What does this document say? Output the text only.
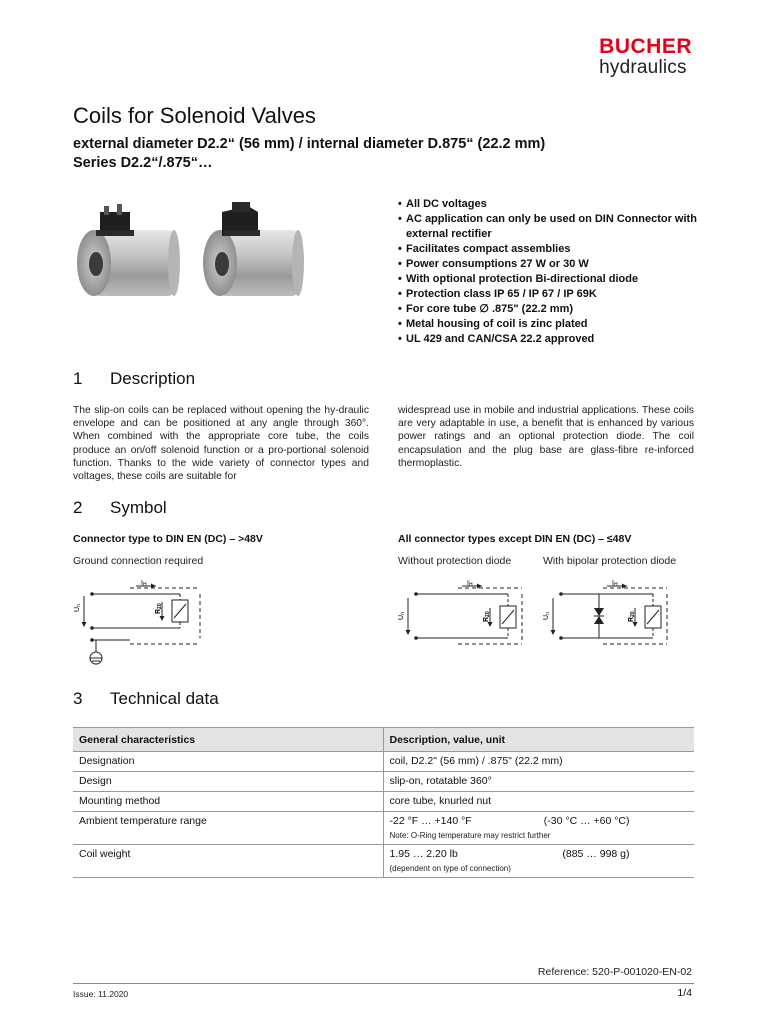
BUCHER
hydraulics
Coils for Solenoid Valves
external diameter D2.2“ (56 mm) / internal diameter D.875“ (22.2 mm)
Series D2.2“/.875“…
• All DC voltages
• AC application can only be used on DIN Connector with external rectifier
• Facilitates compact assemblies
• Power consumptions 27 W or 30 W
• With optional protection Bi-directional diode
• Protection class IP 65 / IP 67 / IP 69K
• For core tube ∅ .875" (22.2 mm)
• Metal housing of coil is zinc plated
• UL 429 and CAN/CSA 22.2 approved
1 Description

The slip-on coils can be replaced without opening the hy-draulic envelope and can be positioned at any angle through 360°. When combined with the appropriate core tube, the coils produce an on/off solenoid function or a pro-portional solenoid function. Thanks to the wide variety of connector types and voltages, these coils are suitable for

widespread use in mobile and industrial applications. These coils are very adaptable in use, a benefit that is enhanced by various power ratings and an optional protection diode. The coil encapsulation and the plug base are glass-fibre re-inforced thermoplastic.

2 Symbol
Connector type to DIN EN (DC) – >48V
Ground connection required
All connector types except DIN EN (DC) – ≤48V
Without protection diode	With bipolar protection diode
Un
IH
R20
Un
IH
R20
Un
IH
R20
3 Technical data
General characteristics	Description, value, unit
Designation	coil, D2.2" (56 mm) / .875" (22.2 mm)
Design	slip-on, rotatable 360°
Mounting method	core tube, knurled nut
Ambient temperature range	-22 °F … +140 °F (-30 °C … +60 °C)
Note: O-Ring temperature may restrict further

Coil weight	1.95 … 2.20 lb (885 … 998 g)
(dependent on type of connection)
Reference: 520-P-001020-EN-02
Issue: 11.2020	1/4
